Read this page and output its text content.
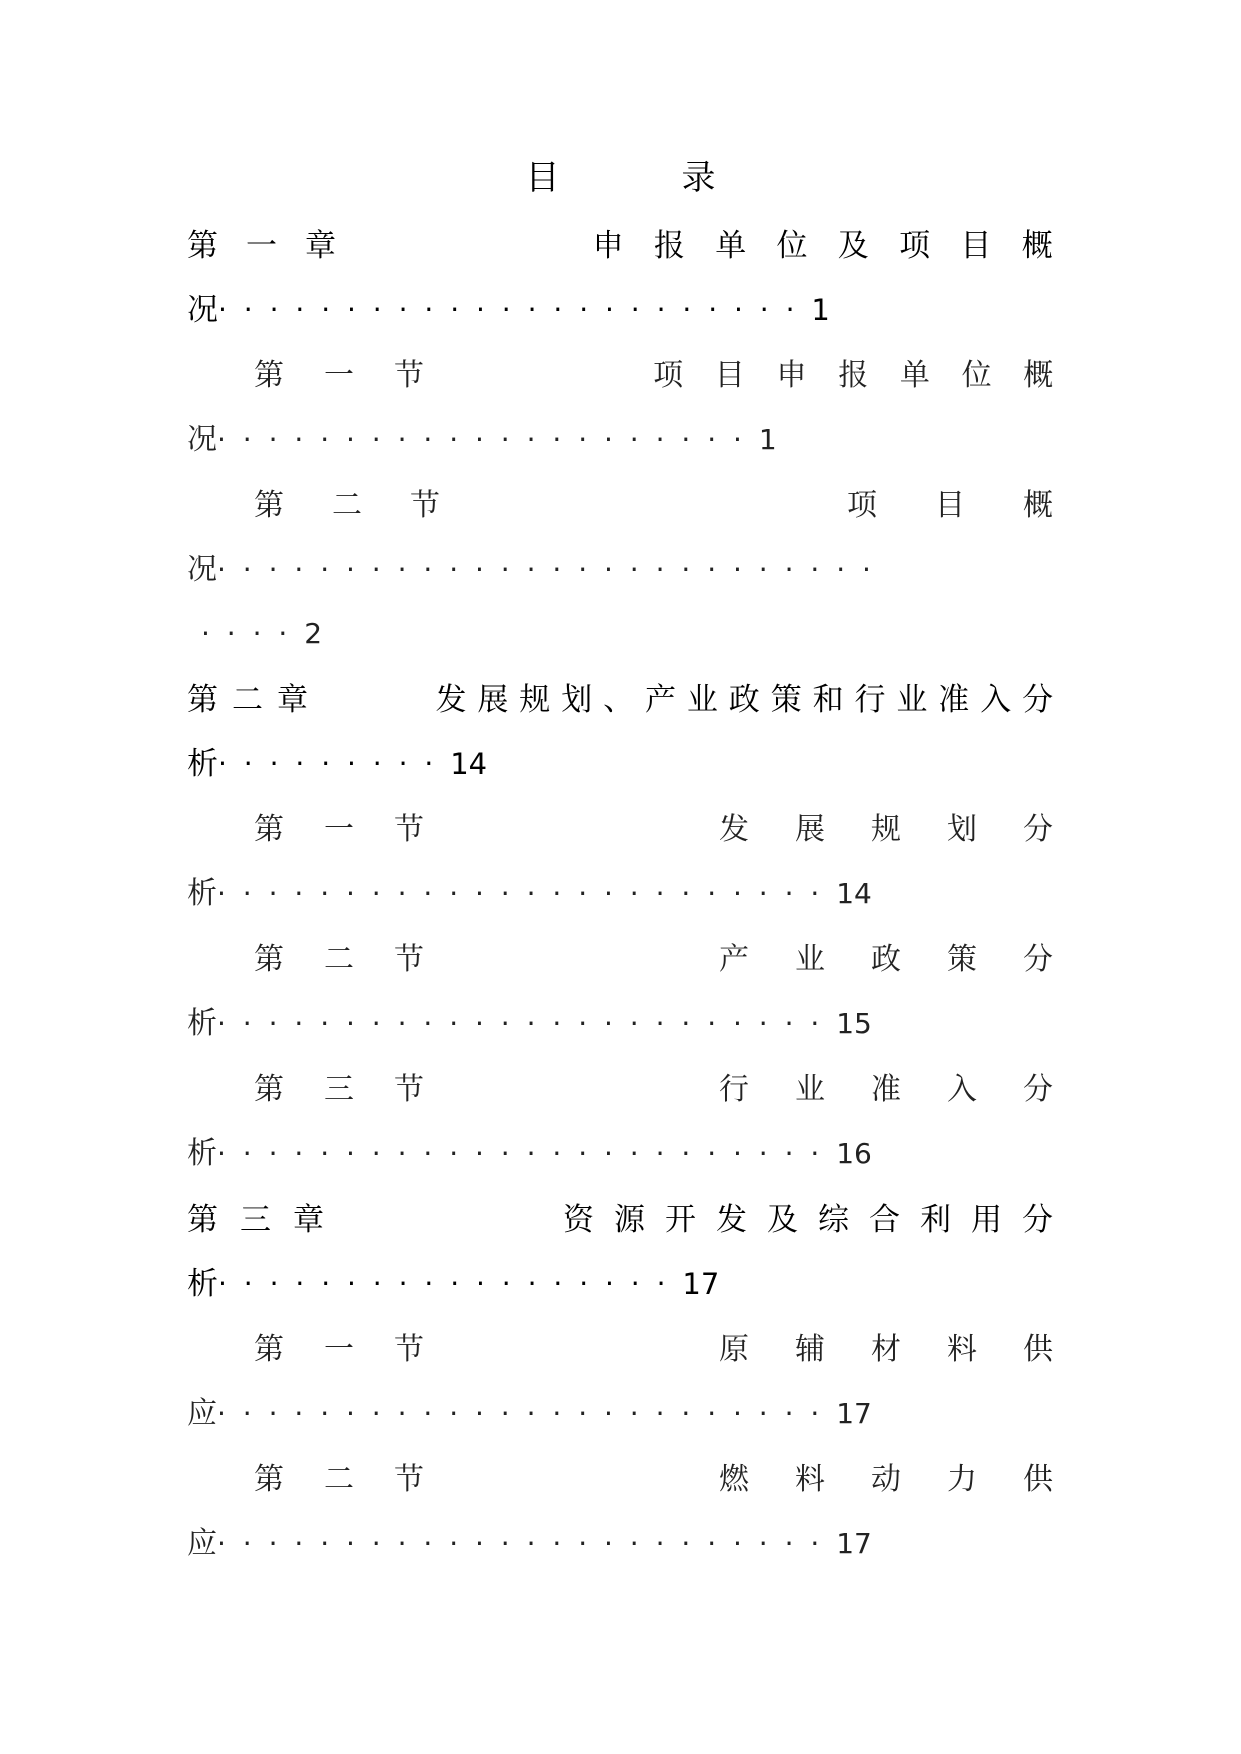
目　录
第一章	申报单位及项目概
况 ······················· 1
第一节	项目申报单位概
况 ····················· 1
第二节	项目概
况 ··························
···· 2
第二章	发展规划、产业政策和行业准入分
析 ········· 14
第一节	发展规划分
析 ························ 14
第二节	产业政策分
析 ························ 15
第三节	行业准入分
析 ························ 16
第三章	资源开发及综合利用分
析 ·················· 17
第一节	原辅材料供
应 ························ 17
第二节	燃料动力供
应 ························ 17
